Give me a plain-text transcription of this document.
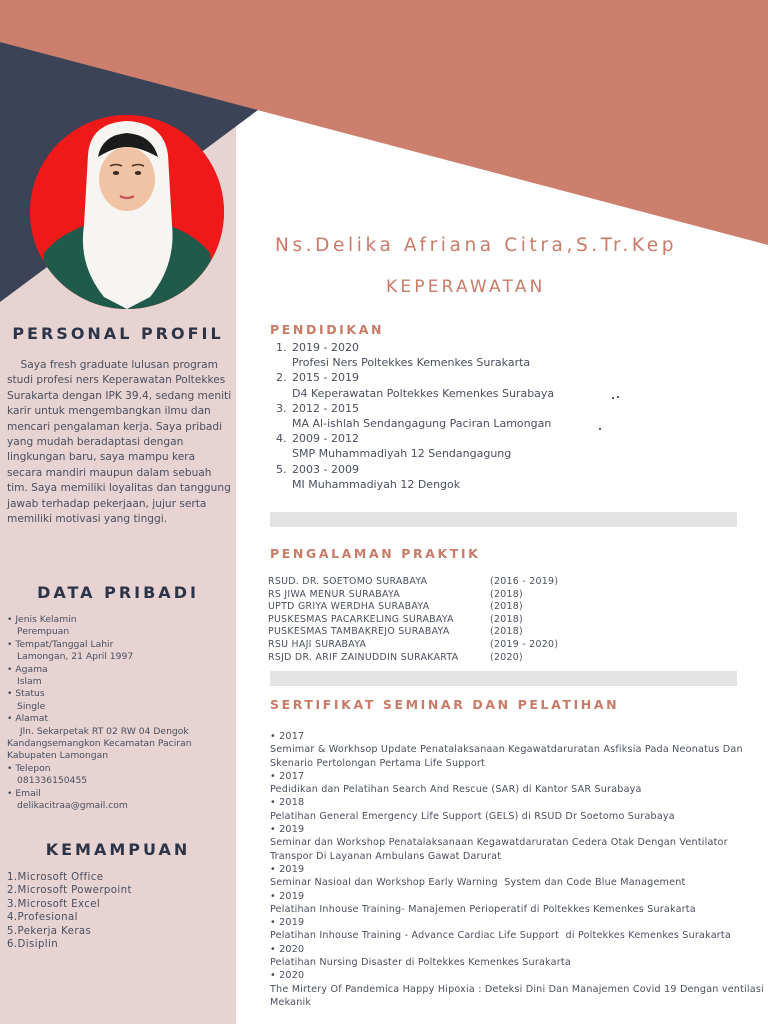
Ns.Delika Afriana Citra,S.Tr.Kep
KEPERAWATAN
PERSONAL PROFIL
Saya fresh graduate lulusan program studi profesi ners Keperawatan Poltekkes Surakarta dengan IPK 39.4, sedang meniti karir untuk mengembangkan ilmu dan mencari pengalaman kerja. Saya pribadi yang mudah beradaptasi dengan lingkungan baru, saya mampu kera secara mandiri maupun dalam sebuah tim. Saya memiliki loyalitas dan tanggung jawab terhadap pekerjaan, jujur serta memiliki motivasi yang tinggi.
DATA PRIBADI
• Jenis Kelamin
Perempuan
• Tempat/Tanggal Lahir
Lamongan, 21 April 1997
• Agama
Islam
• Status
Single
• Alamat
Jln. Sekarpetak RT 02 RW 04 Dengok
Kandangsemangkon Kecamatan Paciran
Kabupaten Lamongan
• Telepon
081336150455
• Email
delikacitraa@gmail.com
KEMAMPUAN
1.Microsoft Office
2.Microsoft Powerpoint
3.Microsoft Excel
4.Profesional
5.Pekerja Keras
6.Disiplin
PENDIDIKAN
1. 2019 - 2020
Profesi Ners Poltekkes Kemenkes Surakarta
2. 2015 - 2019
D4 Keperawatan Poltekkes Kemenkes Surabaya
3. 2012 - 2015
MA Al-ishlah Sendangagung Paciran Lamongan
4. 2009 - 2012
SMP Muhammadiyah 12 Sendangagung
5. 2003 - 2009
MI Muhammadiyah 12 Dengok
PENGALAMAN PRAKTIK
RSUD. DR. SOETOMO SURABAYA	(2016 - 2019)
RS JIWA MENUR SURABAYA	(2018)
UPTD GRIYA WERDHA SURABAYA	(2018)
PUSKESMAS PACARKELING SURABAYA	(2018)
PUSKESMAS TAMBAKREJO SURABAYA	(2018)
RSU HAJI SURABAYA	(2019 - 2020)
RSJD DR. ARIF ZAINUDDIN SURAKARTA	(2020)
SERTIFIKAT SEMINAR DAN PELATIHAN
• 2017
Semimar & Workhsop Update Penatalaksanaan Kegawatdaruratan Asfiksia Pada Neonatus Dan Skenario Pertolongan Pertama Life Support
• 2017
Pedidikan dan Pelatihan Search And Rescue (SAR) di Kantor SAR Surabaya
• 2018
Pelatihan General Emergency Life Support (GELS) di RSUD Dr Soetomo Surabaya
• 2019
Seminar dan Workshop Penatalaksanaan Kegawatdaruratan Cedera Otak Dengan Ventilator Transpor Di Layanan Ambulans Gawat Darurat
• 2019
Seminar Nasioal dan Workshop Early Warning  System dan Code Blue Management
• 2019
Pelatihan Inhouse Training- Manajemen Perioperatif di Poltekkes Kemenkes Surakarta
• 2019
Pelatihan Inhouse Training - Advance Cardiac Life Support  di Poltekkes Kemenkes Surakarta
• 2020
Pelatihan Nursing Disaster di Poltekkes Kemenkes Surakarta
• 2020
The Mirtery Of Pandemica Happy Hipoxia : Deteksi Dini Dan Manajemen Covid 19 Dengan ventilasi Mekanik
